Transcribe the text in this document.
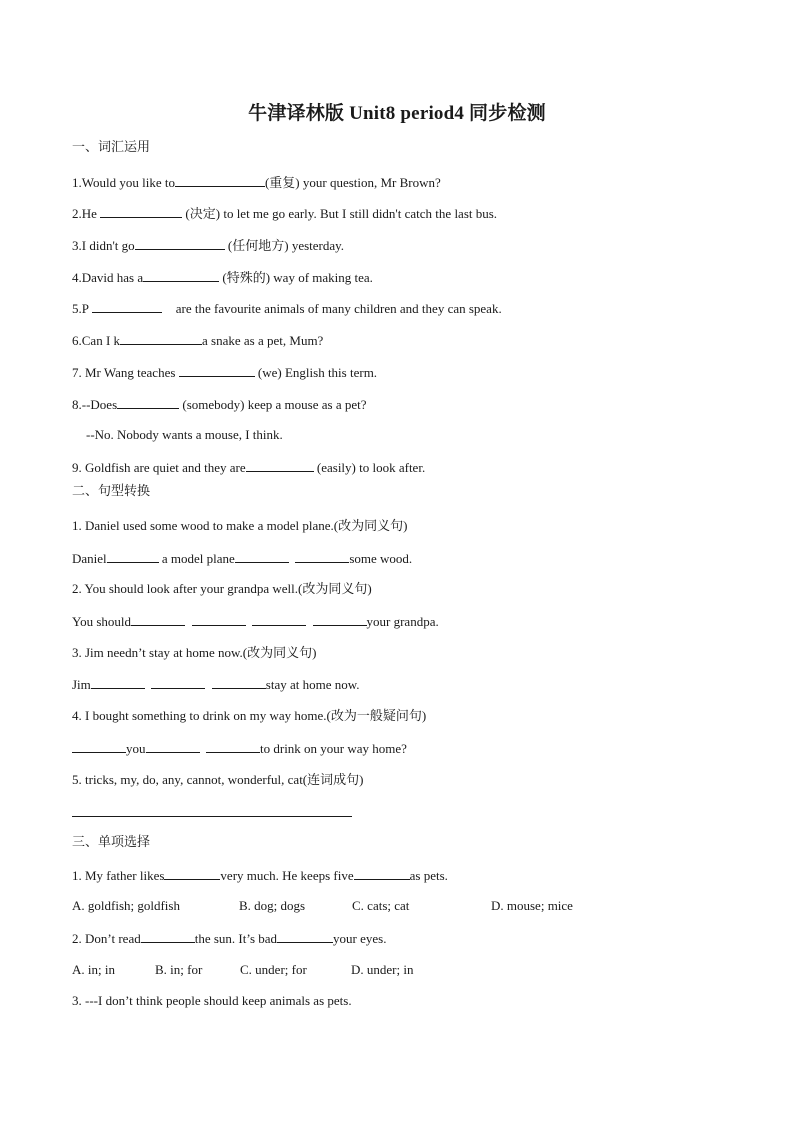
牛津译林版 Unit8 period4 同步检测
一、词汇运用
1.Would you like to	(重复) your question, Mr Brown?
2.He	(决定) to let me go early. But I still didn't catch the last bus.
3.I didn't go	(任何地方) yesterday.
4.David has a	(特殊的) way of making tea.
5.P	are the favourite animals of many children and they can speak.
6.Can I k	a snake as a pet, Mum?
7. Mr Wang teaches	(we) English this term.
8.--Does	(somebody) keep a mouse as a pet?
--No. Nobody wants a mouse, I think.
9. Goldfish are quiet and they are	(easily) to look after.
二、句型转换
1. Daniel used some wood to make a model plane.(改为同义句)
Daniel	a model plane	some wood.
2. You should look after your grandpa well.(改为同义句)
You should	your grandpa.
3. Jim needn’t stay at home now.(改为同义句)
Jim	stay at home now.
4. I bought something to drink on my way home.(改为一般疑问句)
you	to drink on your way home?
5. tricks, my, do, any, cannot, wonderful, cat(连词成句)
三、单项选择
1. My father likes	very much. He keeps five	as pets.
A. goldfish; goldfish	B. dog; dogs	C. cats; cat	D. mouse; mice
2. Don’t read	the sun. It’s bad	your eyes.
A. in; in	B. in; for	C. under; for	D. under; in
3. ---I don’t think people should keep animals as pets.
